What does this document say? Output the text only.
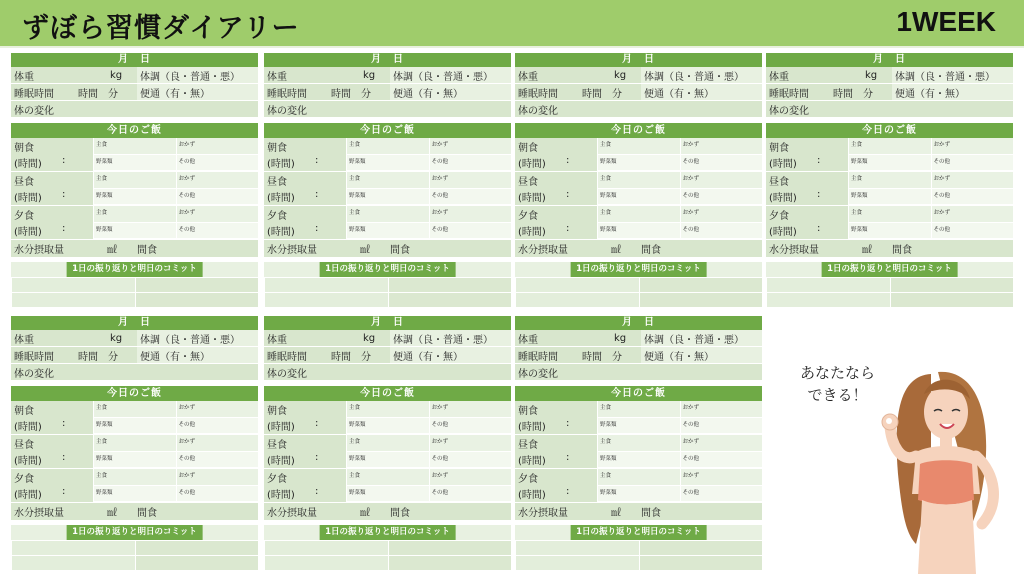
ずぼら習慣ダイアリー	1WEEK
月　日
体重	kg	体調（良・普通・悪）
睡眠時間	時間　分	便通（有・無）
体の変化
今日のご飯
朝食
(時間)	:
主食	おかず
野菜類	その他
昼食
(時間)	:
主食	おかず
野菜類	その他
夕食
(時間)	:
主食	おかず
野菜類	その他
水分摂取量	㎖	間食
1日の振り返りと明日のコミット
月　日
体重	kg	体調（良・普通・悪）
睡眠時間	時間　分	便通（有・無）
体の変化
今日のご飯
朝食
(時間)	:
主食	おかず
野菜類	その他
昼食
(時間)	:
主食	おかず
野菜類	その他
夕食
(時間)	:
主食	おかず
野菜類	その他
水分摂取量	㎖	間食
1日の振り返りと明日のコミット
月　日
体重	kg	体調（良・普通・悪）
睡眠時間	時間　分	便通（有・無）
体の変化
今日のご飯
朝食
(時間)	:
主食	おかず
野菜類	その他
昼食
(時間)	:
主食	おかず
野菜類	その他
夕食
(時間)	:
主食	おかず
野菜類	その他
水分摂取量	㎖	間食
1日の振り返りと明日のコミット
月　日
体重	kg	体調（良・普通・悪）
睡眠時間	時間　分	便通（有・無）
体の変化
今日のご飯
朝食
(時間)	:
主食	おかず
野菜類	その他
昼食
(時間)	:
主食	おかず
野菜類	その他
夕食
(時間)	:
主食	おかず
野菜類	その他
水分摂取量	㎖	間食
1日の振り返りと明日のコミット
月　日
体重	kg	体調（良・普通・悪）
睡眠時間	時間　分	便通（有・無）
体の変化
今日のご飯
朝食
(時間)	:
主食	おかず
野菜類	その他
昼食
(時間)	:
主食	おかず
野菜類	その他
夕食
(時間)	:
主食	おかず
野菜類	その他
水分摂取量	㎖	間食
1日の振り返りと明日のコミット
月　日
体重	kg	体調（良・普通・悪）
睡眠時間	時間　分	便通（有・無）
体の変化
今日のご飯
朝食
(時間)	:
主食	おかず
野菜類	その他
昼食
(時間)	:
主食	おかず
野菜類	その他
夕食
(時間)	:
主食	おかず
野菜類	その他
水分摂取量	㎖	間食
1日の振り返りと明日のコミット
月　日
体重	kg	体調（良・普通・悪）
睡眠時間	時間　分	便通（有・無）
体の変化
今日のご飯
朝食
(時間)	:
主食	おかず
野菜類	その他
昼食
(時間)	:
主食	おかず
野菜類	その他
夕食
(時間)	:
主食	おかず
野菜類	その他
水分摂取量	㎖	間食
1日の振り返りと明日のコミット
あなたなら
できる！
